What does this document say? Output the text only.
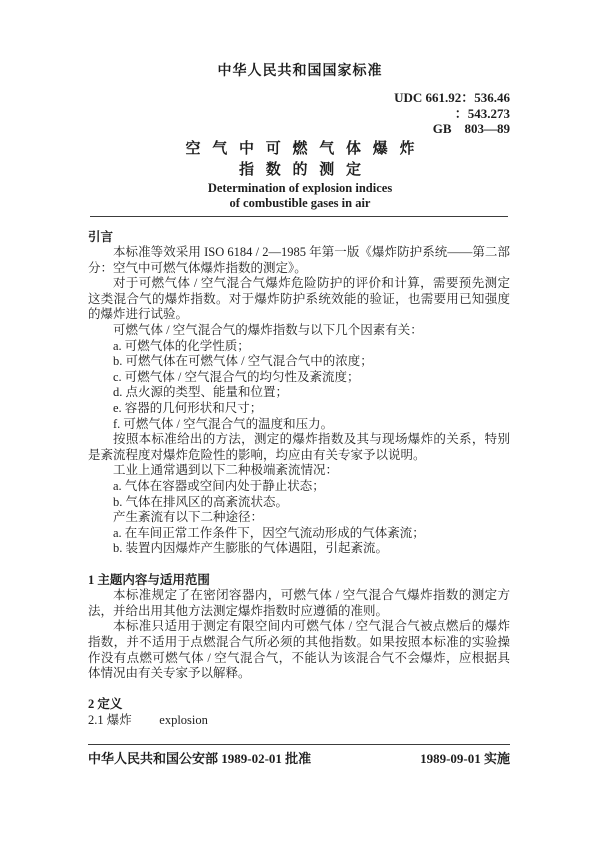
中华人民共和国国家标准
UDC 661.92：536.46
：543.273
GB　803—89
空 气 中 可 燃 气 体 爆 炸
指 数 的 测 定
Determination of explosion indices
of combustible gases in air
引言

本标准等效采用 ISO 6184 / 2—1985 年第一版《爆炸防护系统——第二部分：空气中可燃气体爆炸指数的测定》。

对于可燃气体 / 空气混合气爆炸危险防护的评价和计算，需要预先测定这类混合气的爆炸指数。对于爆炸防护系统效能的验证，也需要用已知强度的爆炸进行试验。

可燃气体 / 空气混合气的爆炸指数与以下几个因素有关：

a. 可燃气体的化学性质；

b. 可燃气体在可燃气体 / 空气混合气中的浓度；

c. 可燃气体 / 空气混合气的均匀性及紊流度；

d. 点火源的类型、能量和位置；

e. 容器的几何形状和尺寸；

f. 可燃气体 / 空气混合气的温度和压力。

按照本标准给出的方法，测定的爆炸指数及其与现场爆炸的关系，特别是紊流程度对爆炸危险性的影响，均应由有关专家予以说明。

工业上通常遇到以下二种极端紊流情况：

a. 气体在容器或空间内处于静止状态；

b. 气体在排风区的高紊流状态。

产生紊流有以下二种途径：

a. 在车间正常工作条件下，因空气流动形成的气体紊流；

b. 装置内因爆炸产生膨胀的气体遇阻，引起紊流。

1 主题内容与适用范围

本标准规定了在密闭容器内，可燃气体 / 空气混合气爆炸指数的测定方法，并给出用其他方法测定爆炸指数时应遵循的准则。

本标准只适用于测定有限空间内可燃气体 / 空气混合气被点燃后的爆炸指数，并不适用于点燃混合气所必须的其他指数。如果按照本标准的实验操作没有点燃可燃气体 / 空气混合气，不能认为该混合气不会爆炸，应根据具体情况由有关专家予以解释。

2 定义

2.1 爆炸 explosion

中华人民共和国公安部 1989-02-01 批准	1989-09-01 实施
